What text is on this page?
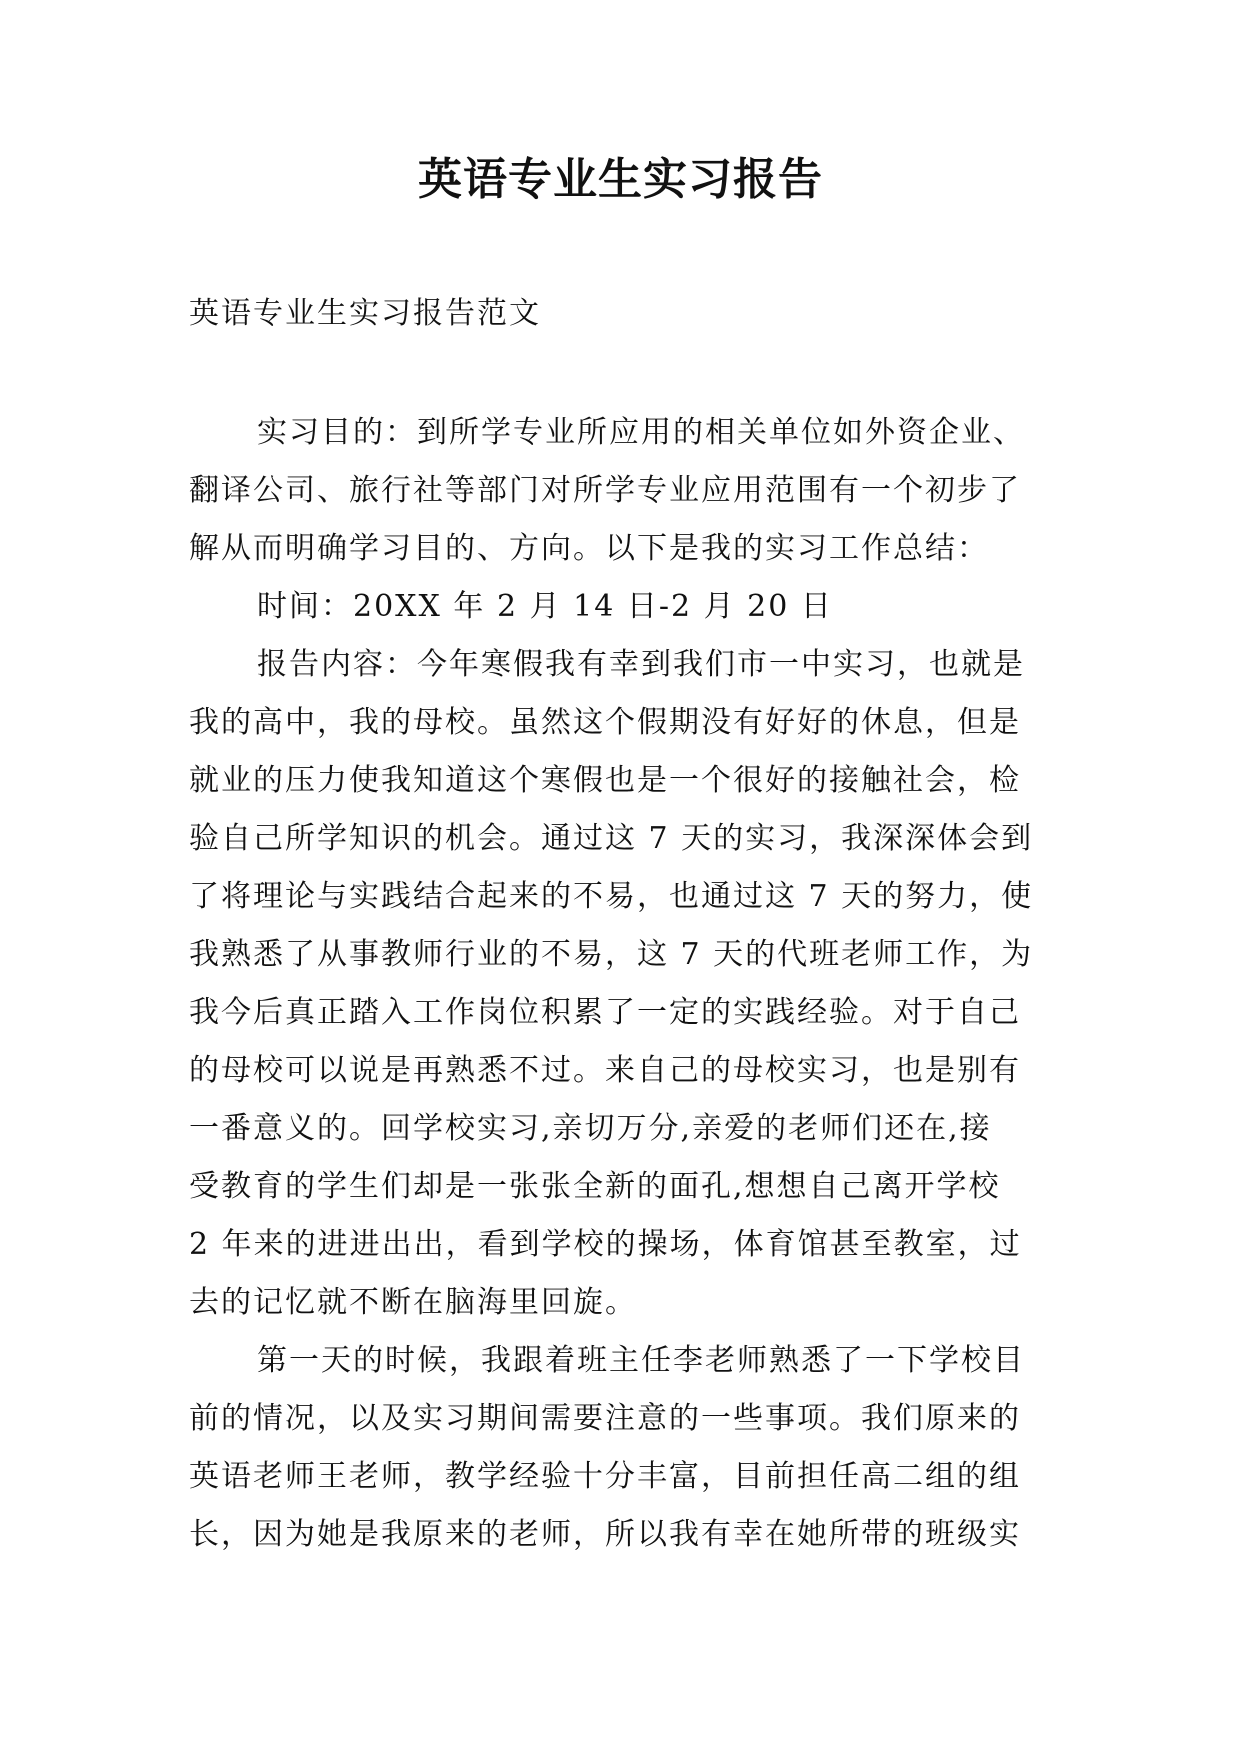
英语专业生实习报告
英语专业生实习报告范文
实习目的：到所学专业所应用的相关单位如外资企业、
翻译公司、旅行社等部门对所学专业应用范围有一个初步了
解从而明确学习目的、方向。以下是我的实习工作总结：
时间：20XX 年 2 月 14 日-2 月 20 日
报告内容：今年寒假我有幸到我们市一中实习，也就是
我的高中，我的母校。虽然这个假期没有好好的休息，但是
就业的压力使我知道这个寒假也是一个很好的接触社会，检
验自己所学知识的机会。通过这 7 天的实习，我深深体会到
了将理论与实践结合起来的不易，也通过这 7 天的努力，使
我熟悉了从事教师行业的不易，这 7 天的代班老师工作，为
我今后真正踏入工作岗位积累了一定的实践经验。对于自己
的母校可以说是再熟悉不过。来自己的母校实习，也是别有
一番意义的。回学校实习,亲切万分,亲爱的老师们还在,接
受教育的学生们却是一张张全新的面孔,想想自己离开学校
2 年来的进进出出，看到学校的操场，体育馆甚至教室，过
去的记忆就不断在脑海里回旋。
第一天的时候，我跟着班主任李老师熟悉了一下学校目
前的情况，以及实习期间需要注意的一些事项。我们原来的
英语老师王老师，教学经验十分丰富，目前担任高二组的组
长，因为她是我原来的老师，所以我有幸在她所带的班级实
